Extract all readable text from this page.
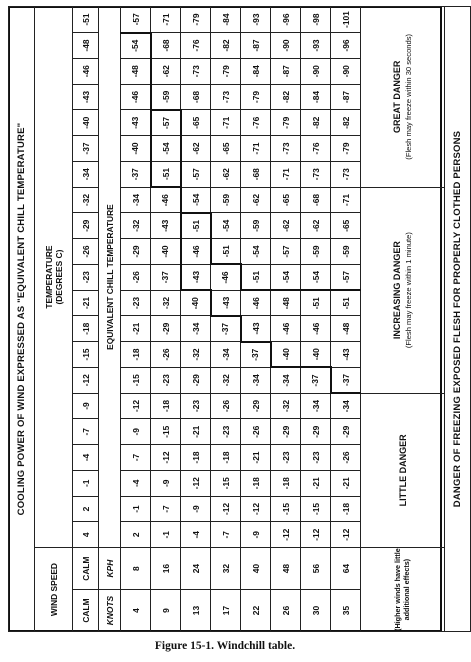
COOLING POWER OF WIND EXPRESSED AS "EQUIVALENT CHILL TEMPERATURE"																						
WIND SPEED		TEMPERATURE (DEGREES C)																				

CALM	CALM	4	2	-1	-4	-7	-9	-12	-15	-18	-21	-23	-26	-29	-32	-34	-37	-40	-43	-46	-48	-51
KNOTS	KPH	EQUIVALENT CHILL TEMPERATURE																				
4	8	2	-1	-4	-7	-9	-12	-15	-18	-21	-23	-26	-29	-32	-34	-37	-40	-43	-46	-48	-54	-57
9	16	-1	-7	-9	-12	-15	-18	-23	-26	-29	-32	-37	-40	-43	-46	-51	-54	-57	-59	-62	-68	-71
13	24	-4	-9	-12	-18	-21	-23	-29	-32	-34	-40	-43	-46	-51	-54	-57	-62	-65	-68	-73	-76	-79
17	32	-7	-12	-15	-18	-23	-26	-32	-34	-37	-43	-46	-51	-54	-59	-62	-65	-71	-73	-79	-82	-84
22	40	-9	-12	-18	-21	-26	-29	-34	-37	-43	-46	-51	-54	-59	-62	-68	-71	-76	-79	-84	-87	-93
26	48	-12	-15	-18	-23	-29	-32	-34	-40	-46	-48	-54	-57	-62	-65	-71	-73	-79	-82	-87	-90	-96
30	56	-12	-15	-21	-23	-29	-34	-37	-40	-46	-51	-54	-59	-62	-68	-73	-76	-82	-84	-90	-93	-98
35	64	-12	-18	-21	-26	-29	-34	-37	-43	-48	-51	-57	-59	-65	-71	-73	-79	-82	-87	-90	-96	-101
(Higher winds have little additional effects)		LITTLE DANGER						INCREASING DANGER (Flesh may freeze within 1 minute)								GREAT DANGER (Flesh may freeze within 30 seconds)						

DANGER OF FREEZING EXPOSED FLESH FOR PROPERLY CLOTHED PERSONS																						
Figure 15-1. Windchill table.
